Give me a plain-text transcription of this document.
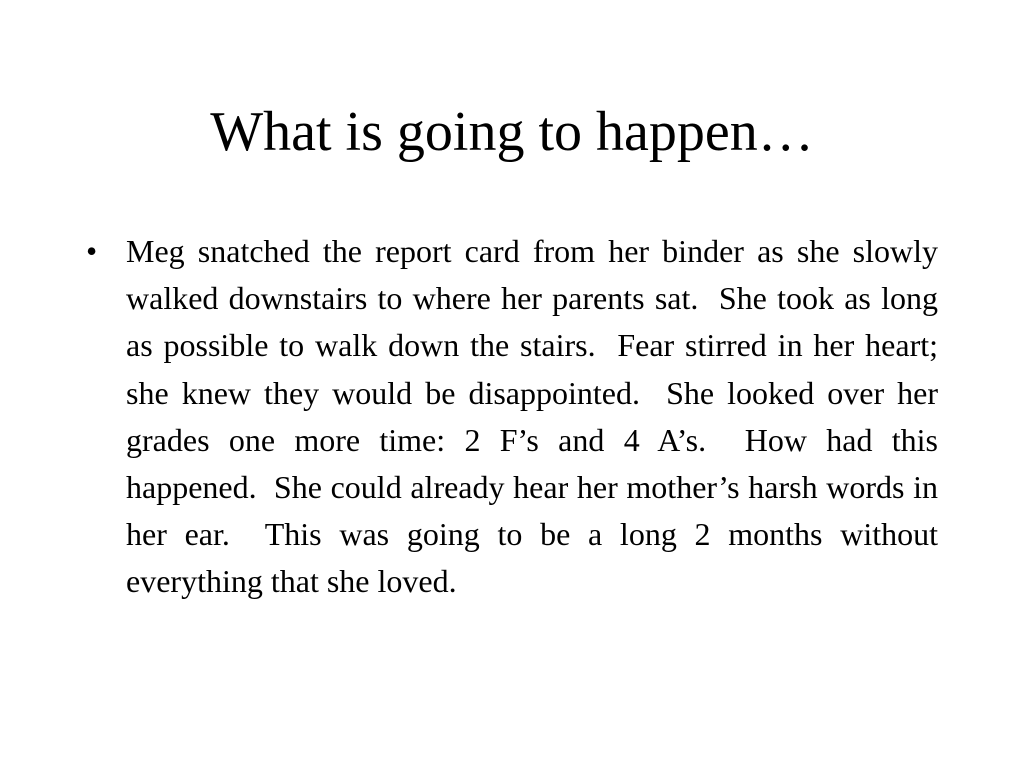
What is going to happen…
• Meg snatched the report card from her binder as she slowly walked downstairs to where her parents sat.  She took as long as possible to walk down the stairs.  Fear stirred in her heart; she knew they would be disappointed.  She looked over her grades one more time: 2 F’s and 4 A’s.  How had this happened.  She could already hear her mother’s harsh words in her ear.  This was going to be a long 2 months without everything that she loved.
